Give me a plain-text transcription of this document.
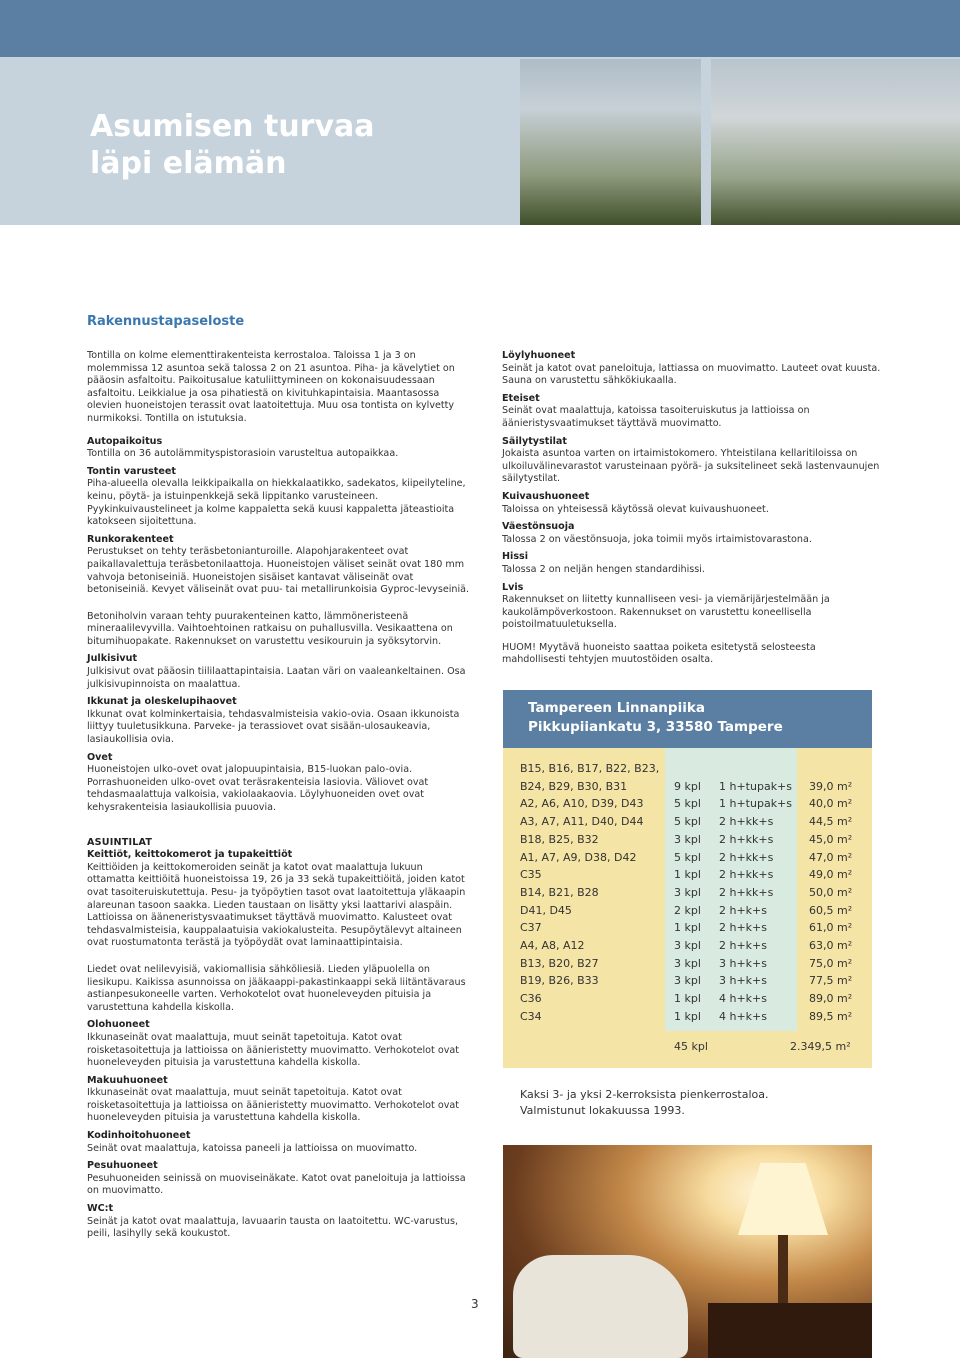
Asumisen turvaa
läpi elämän
Rakennustapaseloste

Tontilla on kolme elementtirakenteista kerrostaloa. Taloissa 1 ja 3 on molemmissa 12 asuntoa sekä talossa 2 on 21 asuntoa. Piha- ja kävelytiet on pääosin asfaltoitu. Paikoitusalue katuliittymineen on kokonaisuudessaan asfaltoitu. Leikkialue ja osa pihatiestä on kivituhkapintaisia. Maantasossa olevien huoneistojen terassit ovat laatoitettuja. Muu osa tontista on kylvetty nurmikoksi. Tontilla on istutuksia.

Autopaikoitus
Tontilla on 36 autolämmityspistorasioin varusteltua autopaikkaa.

Tontin varusteet
Piha-alueella olevalla leikkipaikalla on hiekkalaatikko, sadekatos, kiipeilyteline, keinu, pöytä- ja istuinpenkkejä sekä lippitanko varusteineen. Pyykinkuivaustelineet ja kolme kappaletta sekä kuusi kappaletta jäteastioita katokseen sijoitettuna.

Runkorakenteet
Perustukset on tehty teräsbetonianturoille. Alapohjarakenteet ovat paikallavalettuja teräsbetonilaattoja. Huoneistojen väliset seinät ovat 180 mm vahvoja betoniseiniä. Huoneistojen sisäiset kantavat väliseinät ovat betoniseiniä. Kevyet väliseinät ovat puu- tai metallirunkoisia Gyproc-levyseiniä.

Betoniholvin varaan tehty puurakenteinen katto, lämmöneristeenä mineraalilevyvilla. Vaihtoehtoinen ratkaisu on puhallusvilla. Vesikaattena on bitumihuopakate. Rakennukset on varustettu vesikouruin ja syöksytorvin.

Julkisivut
Julkisivut ovat pääosin tiililaattapintaisia. Laatan väri on vaaleankeltainen. Osa julkisivupinnoista on maalattua.

Ikkunat ja oleskelupihaovet
Ikkunat ovat kolminkertaisia, tehdasvalmisteisia vakio-ovia. Osaan ikkunoista liittyy tuuletusikkuna. Parveke- ja terassiovet ovat sisään-ulosaukeavia, lasiaukollisia ovia.

Ovet
Huoneistojen ulko-ovet ovat jalopuupintaisia, B15-luokan palo-ovia. Porrashuoneiden ulko-ovet ovat teräsrakenteisia lasiovia. Väliovet ovat tehdasmaalattuja valkoisia, vakiolaakaovia. Löylyhuoneiden ovet ovat kehysrakenteisia lasiaukollisia puuovia.

ASUINTILAT
Keittiöt, keittokomerot ja tupakeittiöt
Keittiöiden ja keittokomeroiden seinät ja katot ovat maalattuja lukuun ottamatta keittiöitä huoneistoissa 19, 26 ja 33 sekä tupakeittiöitä, joiden katot ovat tasoiteruiskutettuja. Pesu- ja työpöytien tasot ovat laatoitettuja yläkaapin alareunan tasoon saakka. Lieden taustaan on lisätty yksi laattarivi alaspäin. Lattioissa on ääneneristysvaatimukset täyttävä muovimatto. Kalusteet ovat tehdasvalmisteisia, kauppalaatuisia vakiokalusteita. Pesupöytälevyt altaineen ovat ruostumatonta terästä ja työpöydät ovat laminaattipintaisia.

Liedet ovat nelilevyisiä, vakiomallisia sähköliesiä. Lieden yläpuolella on liesikupu. Kaikissa asunnoissa on jääkaappi-pakastinkaappi sekä liitäntävaraus astianpesukoneelle varten. Verhokotelot ovat huoneleveyden pituisia ja varustettuna kahdella kiskolla.

Olohuoneet
Ikkunaseinät ovat maalattuja, muut seinät tapetoituja. Katot ovat roisketasoitettuja ja lattioissa on äänieristetty muovimatto. Verhokotelot ovat huoneleveyden pituisia ja varustettuna kahdella kiskolla.

Makuuhuoneet
Ikkunaseinät ovat maalattuja, muut seinät tapetoituja. Katot ovat roisketasoitettuja ja lattioissa on äänieristetty muovimatto. Verhokotelot ovat huoneleveyden pituisia ja varustettuna kahdella kiskolla.

Kodinhoitohuoneet
Seinät ovat maalattuja, katoissa paneeli ja lattioissa on muovimatto.

Pesuhuoneet
Pesuhuoneiden seinissä on muoviseinäkate. Katot ovat paneloituja ja lattioissa on muovimatto.

WC:t
Seinät ja katot ovat maalattuja, lavuaarin tausta on laatoitettu. WC-varustus, peili, lasihylly sekä koukustot.

Löylyhuoneet
Seinät ja katot ovat paneloituja, lattiassa on muovimatto. Lauteet ovat kuusta. Sauna on varustettu sähkökiukaalla.

Eteiset
Seinät ovat maalattuja, katoissa tasoiteruiskutus ja lattioissa on äänieristysvaatimukset täyttävä muovimatto.

Säilytystilat
Jokaista asuntoa varten on irtaimistokomero. Yhteistilana kellaritiloissa on ulkoiluvälinevarastot varusteinaan pyörä- ja suksitelineet sekä lastenvaunujen säilytystilat.

Kuivaushuoneet
Taloissa on yhteisessä käytössä olevat kuivaushuoneet.

Väestönsuoja
Talossa 2 on väestönsuoja, joka toimii myös irtaimistovarastona.

Hissi
Talossa 2 on neljän hengen standardihissi.

Lvis
Rakennukset on liitetty kunnalliseen vesi- ja viemärijärjestelmään ja kaukolämpöverkostoon. Rakennukset on varustettu koneellisella poistoilmatuuletuksella.

HUOM! Myytävä huoneisto saattaa poiketa esitetystä selosteesta mahdollisesti tehtyjen muutostöiden osalta.

Tampereen Linnanpiika
Pikkupiiankatu 3, 33580 Tampere
B15, B16, B17, B22, B23,
B24, B29, B30, B31	9 kpl 1 h+tupak+s 39,0 m²
A2, A6, A10, D39, D43	5 kpl 1 h+tupak+s 40,0 m²
A3, A7, A11, D40, D44	5 kpl 2 h+kk+s	44,5 m²
B18, B25, B32	3 kpl 2 h+kk+s	45,0 m²
A1, A7, A9, D38, D42	5 kpl 2 h+kk+s	47,0 m²
C35	1 kpl 2 h+kk+s	49,0 m²
B14, B21, B28	3 kpl 2 h+kk+s	50,0 m²
D41, D45	2 kpl 2 h+k+s	60,5 m²
C37	1 kpl 2 h+k+s	61,0 m²
A4, A8, A12	3 kpl 2 h+k+s	63,0 m²
B13, B20, B27	3 kpl 3 h+k+s	75,0 m²
B19, B26, B33	3 kpl 3 h+k+s	77,5 m²
C36	1 kpl 4 h+k+s	89,0 m²
C34	1 kpl 4 h+k+s	89,5 m²
45 kpl	2.349,5 m²
Kaksi 3- ja yksi 2-kerroksista pienkerrostaloa.
Valmistunut lokakuussa 1993.
3
